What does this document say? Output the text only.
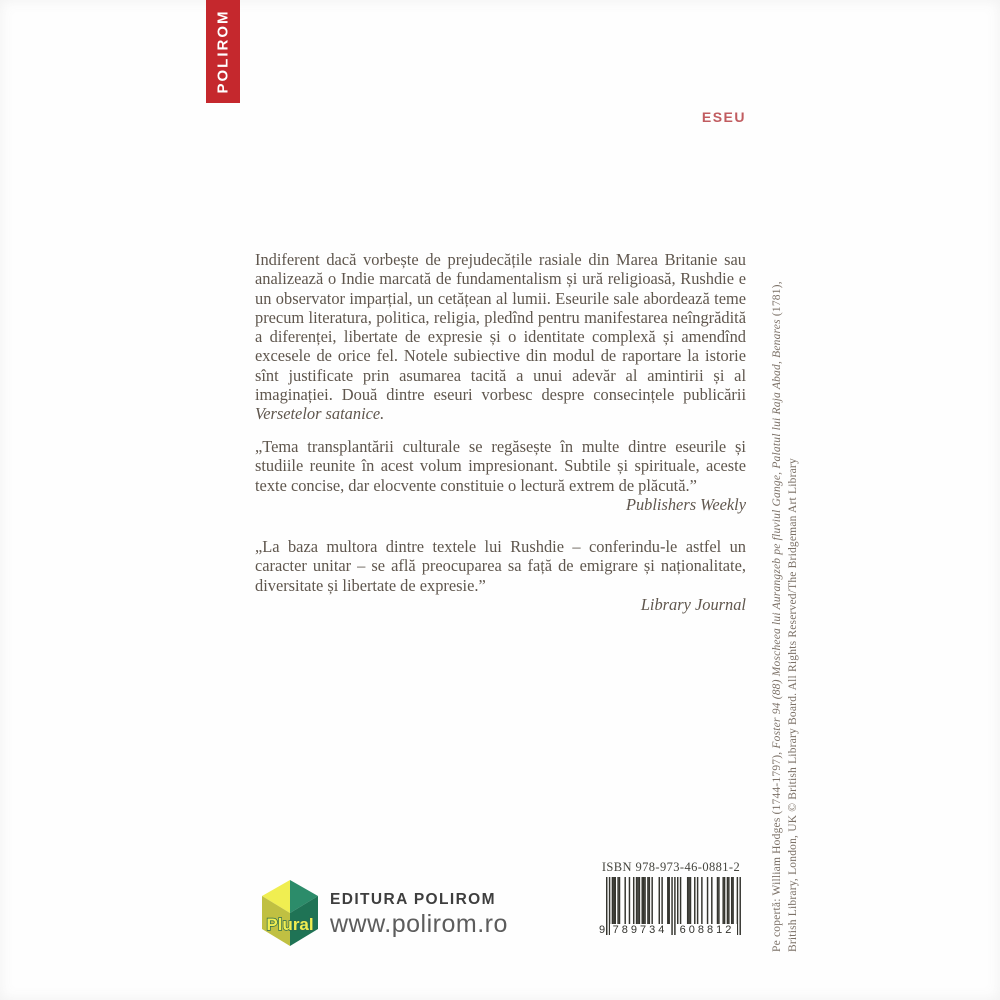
POLIROM
ESEU
Indiferent dacă vorbește de prejudecățile rasiale din Marea Britanie sau analizează o Indie marcată de fundamentalism și ură religioasă, Rushdie e un observator imparțial, un cetățean al lumii. Eseurile sale abordează teme precum literatura, politica, religia, pledînd pentru manifestarea neîngrădită a diferenței, libertate de expresie și o identitate complexă și amendînd excesele de orice fel. Notele subiective din modul de raportare la istorie sînt justificate prin asumarea tacită a unui adevăr al amintirii și al imaginației. Două dintre eseuri vorbesc despre consecințele publicării Versetelor satanice.
„Tema transplantării culturale se regăsește în multe dintre eseurile și studiile reunite în acest volum impresionant. Subtile și spirituale, aceste texte concise, dar elocvente constituie o lectură extrem de plăcută.”
Publishers Weekly
„La baza multora dintre textele lui Rushdie – conferindu-le astfel un caracter unitar – se află preocuparea sa față de emigrare și naționalitate, diversitate și libertate de expresie.”
Library Journal
Plural
EDITURA POLIROM
www.polirom.ro
ISBN 978-973-46-0881-2
9 789734 608812	Pe copertă: William Hodges (1744-1797), Foster 94 (88) Moscheea lui Aurangzeb pe fluviul Gange, Palatul lui Raja Abad, Benares (1781),
British Library, London, UK © British Library Board. All Rights Reserved/The Bridgeman Art Library
